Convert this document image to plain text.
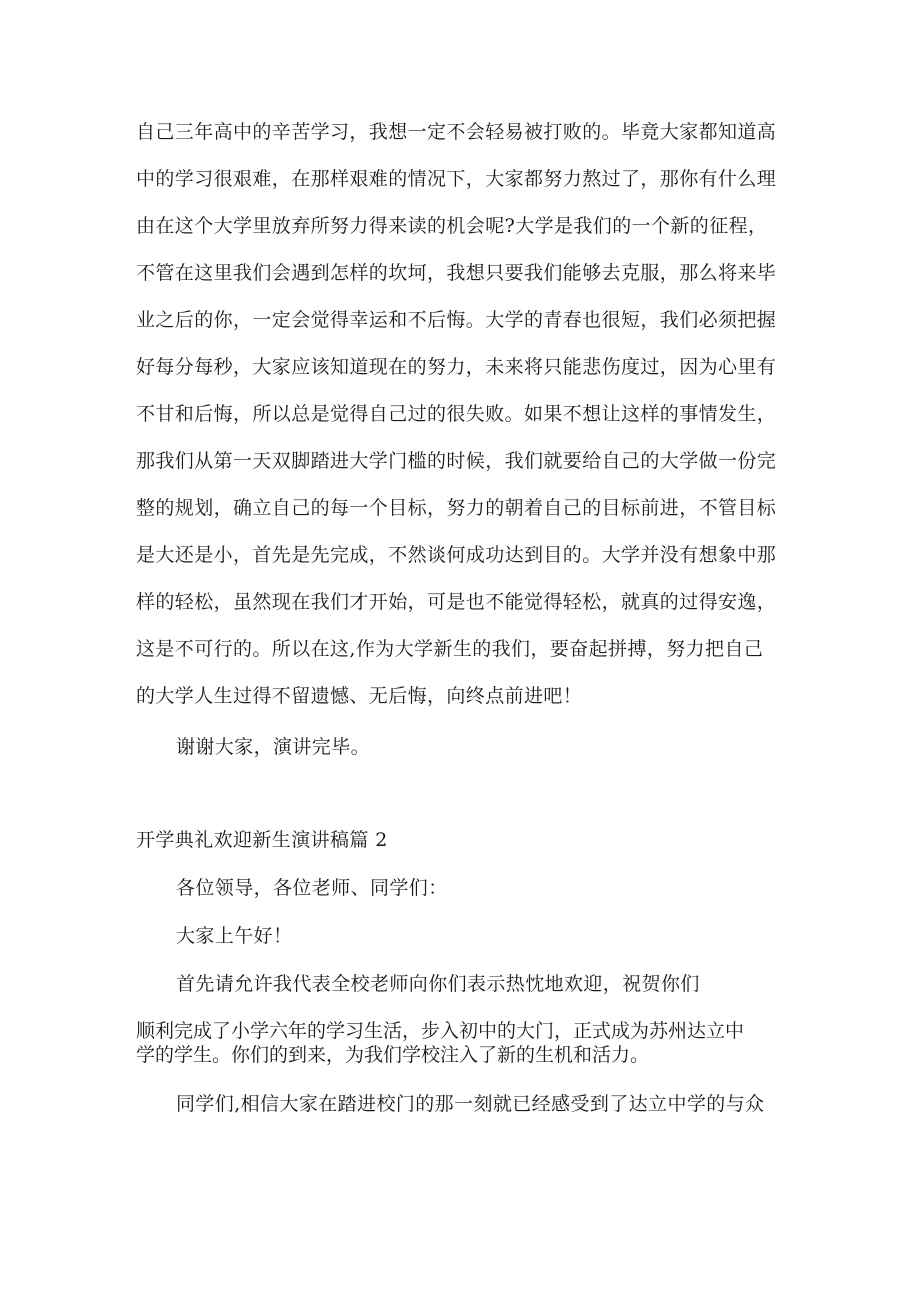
自己三年高中的辛苦学习，我想一定不会轻易被打败的。毕竟大家都知道高
中的学习很艰难，在那样艰难的情况下，大家都努力熬过了，那你有什么理
由在这个大学里放弃所努力得来读的机会呢?大学是我们的一个新的征程，
不管在这里我们会遇到怎样的坎坷，我想只要我们能够去克服，那么将来毕
业之后的你，一定会觉得幸运和不后悔。大学的青春也很短，我们必须把握
好每分每秒，大家应该知道现在的努力，未来将只能悲伤度过，因为心里有
不甘和后悔，所以总是觉得自己过的很失败。如果不想让这样的事情发生，
那我们从第一天双脚踏进大学门槛的时候，我们就要给自己的大学做一份完
整的规划，确立自己的每一个目标，努力的朝着自己的目标前进，不管目标
是大还是小，首先是先完成，不然谈何成功达到目的。大学并没有想象中那
样的轻松，虽然现在我们才开始，可是也不能觉得轻松，就真的过得安逸，
这是不可行的。所以在这,作为大学新生的我们，要奋起拼搏，努力把自己
的大学人生过得不留遗憾、无后悔，向终点前进吧！
谢谢大家，演讲完毕。
开学典礼欢迎新生演讲稿篇 2
各位领导，各位老师、同学们：
大家上午好！
首先请允许我代表全校老师向你们表示热忱地欢迎，祝贺你们
顺利完成了小学六年的学习生活，步入初中的大门，正式成为苏州达立中
学的学生。你们的到来，为我们学校注入了新的生机和活力。
同学们,相信大家在踏进校门的那一刻就已经感受到了达立中学的与众
